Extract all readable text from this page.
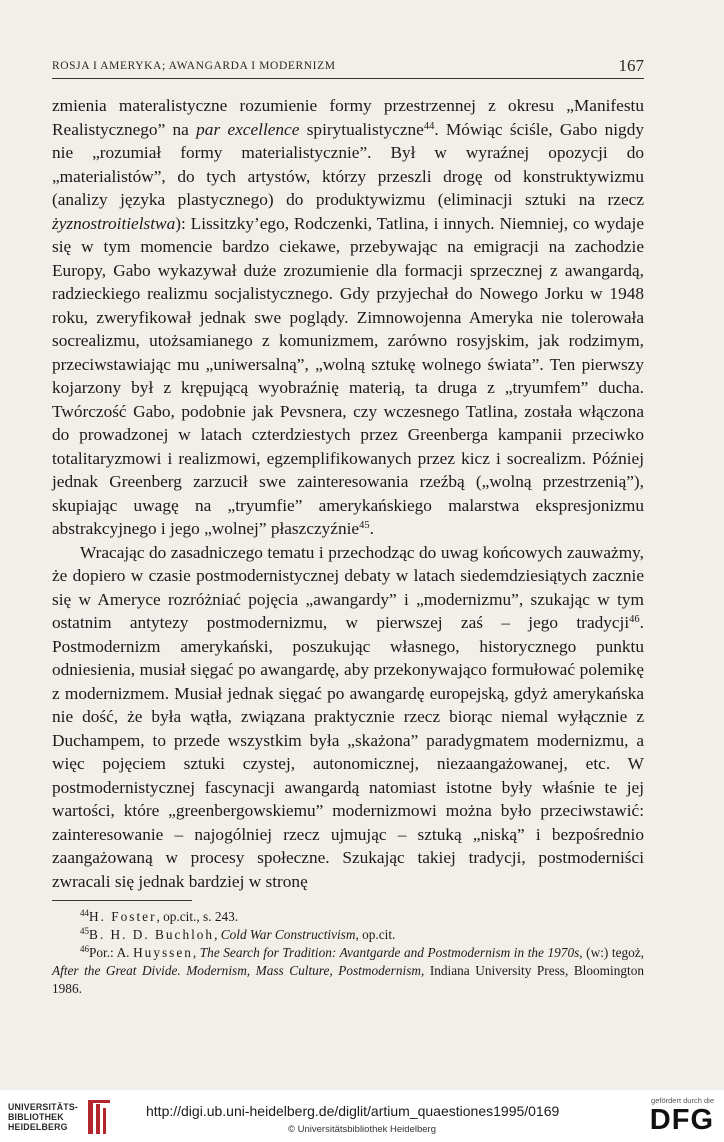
ROSJA I AMERYKA; AWANGARDA I MODERNIZM	167

zmienia materalistyczne rozumienie formy przestrzennej z okresu „Manifestu Realistycznego” na par excellence spirytualistyczne$^{44}$. Mówiąc ściśle, Gabo nigdy nie „rozumiał formy materialistycznie”. Był w wyraźnej opozycji do „materialistów”, do tych artystów, którzy przeszli drogę od konstruktywizmu (analizy języka plastycznego) do produktywizmu (eliminacji sztuki na rzecz żyznostroitielstwa): Lissitzky’ego, Rodczenki, Tatlina, i innych. Niemniej, co wydaje się w tym momencie bardzo ciekawe, przebywając na emigracji na zachodzie Europy, Gabo wykazywał duże zrozumienie dla formacji sprzecznej z awangardą, radzieckiego realizmu socjalistycznego. Gdy przyjechał do Nowego Jorku w 1948 roku, zweryfikował jednak swe poglądy. Zimnowojenna Ameryka nie tolerowała socrealizmu, utożsamianego z komunizmem, zarówno rosyjskim, jak rodzimym, przeciwstawiając mu „uniwersalną”, „wolną sztukę wolnego świata”. Ten pierwszy kojarzony był z krępującą wyobraźnię materią, ta druga z „tryumfem” ducha. Twórczość Gabo, podobnie jak Pevsnera, czy wczesnego Tatlina, została włączona do prowadzonej w latach czterdziestych przez Greenberga kampanii przeciwko totalitaryzmowi i realizmowi, egzemplifikowanych przez kicz i socrealizm. Później jednak Greenberg zarzucił swe zainteresowania rzeźbą („wolną przestrzenią”), skupiając uwagę na „tryumfie” amerykańskiego malarstwa ekspresjonizmu abstrakcyjnego i jego „wolnej” płaszczyźnie$^{45}$.

Wracając do zasadniczego tematu i przechodząc do uwag końcowych zauważmy, że dopiero w czasie postmodernistycznej debaty w latach siedemdziesiątych zacznie się w Ameryce rozróżniać pojęcia „awangardy” i „modernizmu”, szukając w tym ostatnim antytezy postmodernizmu, w pierwszej zaś – jego tradycji$^{46}$. Postmodernizm amerykański, poszukując własnego, historycznego punktu odniesienia, musiał sięgać po awangardę, aby przekonywająco formułować polemikę z modernizmem. Musiał jednak sięgać po awangardę europejską, gdyż amerykańska nie dość, że była wątła, związana praktycznie rzecz biorąc niemal wyłącznie z Duchampem, to przede wszystkim była „skażona” paradygmatem modernizmu, a więc pojęciem sztuki czystej, autonomicznej, niezaangażowanej, etc. W postmodernistycznej fascynacji awangardą natomiast istotne były właśnie te jej wartości, które „greenbergowskiemu” modernizmowi można było przeciwstawić: zainteresowanie – najogólniej rzecz ujmując – sztuką „niską” i bezpośrednio zaangażowaną w procesy społeczne. Szukając takiej tradycji, postmoderniści zwracali się jednak bardziej w stronę

$^{44}$H. Foster, op.cit., s. 243.

$^{45}$B. H. D. Buchloh, Cold War Constructivism, op.cit.

$^{46}$Por.: A. Huyssen, The Search for Tradition: Avantgarde and Postmodernism in the 1970s, (w:) tegoż, After the Great Divide. Modernism, Mass Culture, Postmodernism, Indiana University Press, Bloomington 1986.

UNIVERSITÄTS-
BIBLIOTHEK
HEIDELBERG
http://digi.ub.uni-heidelberg.de/diglit/artium_quaestiones1995/0169
© Universitätsbibliothek Heidelberg
gefördert durch die
DFG
